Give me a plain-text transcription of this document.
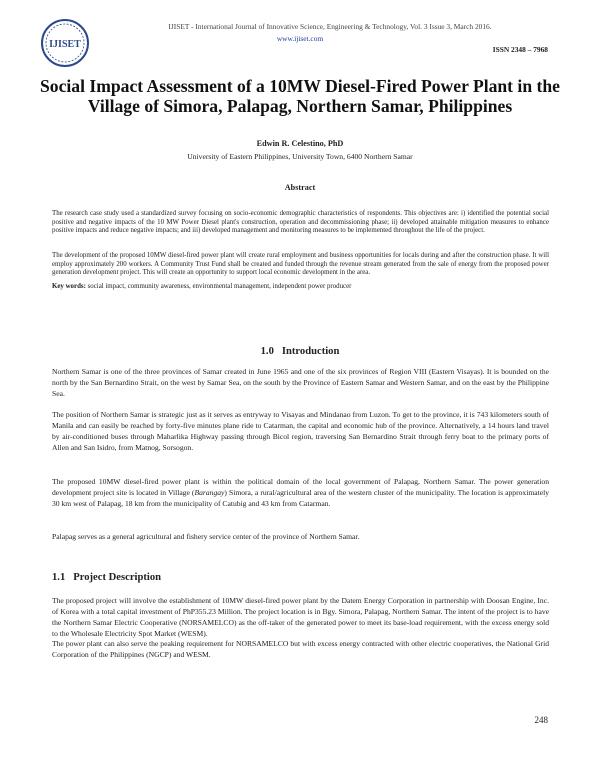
IJISET
IJISET - International Journal of Innovative Science, Engineering & Technology, Vol. 3 Issue 3, March 2016.
www.ijiset.com
ISSN 2348 – 7968
Social Impact Assessment of a 10MW Diesel-Fired Power Plant in the Village of Simora, Palapag, Northern Samar, Philippines
Edwin R. Celestino, PhD
University of Eastern Philippines, University Town, 6400 Northern Samar
Abstract

The research case study used a standardized survey focusing on socio-economic demographic characteristics of respondents. This objectives are: i) identified the potential social positive and negative impacts of the 10 MW Power Diesel plant's construction, operation and decommissioning phase; ii) developed attainable mitigation measures to enhance positive impacts and reduce negative impacts; and iii) developed management and monitoring measures to be implemented throughout the life of the project.

The development of the proposed 10MW diesel-fired power plant will create rural employment and business opportunities for locals during and after the construction phase. It will employ approximately 200 workers. A Community Trust Fund shall be created and funded through the revenue stream generated from the sale of energy from the proposed power generation development project. This will create an opportunity to support local economic development in the area.

Key words: social impact, community awareness, environmental management, independent power producer

1.0 Introduction

Northern Samar is one of the three provinces of Samar created in June 1965 and one of the six provinces of Region VIII (Eastern Visayas). It is bounded on the north by the San Bernardino Strait, on the west by Samar Sea, on the south by the Province of Eastern Samar and Western Samar, and on the east by the Philippine Sea.

The position of Northern Samar is strategic just as it serves as entryway to Visayas and Mindanao from Luzon. To get to the province, it is 743 kilometers south of Manila and can easily be reached by forty-five minutes plane ride to Catarman, the capital and economic hub of the province. Alternatively, a 14 hours land travel by air-conditioned buses through Maharlika Highway passing through Bicol region, traversing San Bernardino Strait through ferry boat to the primary ports of Allen and San Isidro, from Matnog, Sorsogon.

The proposed 10MW diesel-fired power plant is within the political domain of the local government of Palapag, Northern Samar. The power generation development project site is located in Village (Barangay) Simora, a rural/agricultural area of the western cluster of the municipality. The location is approximately 30 km west of Palapag, 18 km from the municipality of Catubig and 43 km from Catarman.

Palapag serves as a general agricultural and fishery service center of the province of Northern Samar.

1.1 Project Description

The proposed project will involve the establishment of 10MW diesel-fired power plant by the Datem Energy Corporation in partnership with Doosan Engine, Inc. of Korea with a total capital investment of PhP355.23 Million. The project location is in Bgy. Simora, Palapag, Northern Samar. The intent of the project is to have the Northern Samar Electric Cooperative (NORSAMELCO) as the off-taker of the generated power to meet its base-load requirement, with the excess energy sold to the Wholesale Electricity Spot Market (WESM).

The power plant can also serve the peaking requirement for NORSAMELCO but with excess energy contracted with other electric cooperatives, the National Grid Corporation of the Philippines (NGCP) and WESM.

248
